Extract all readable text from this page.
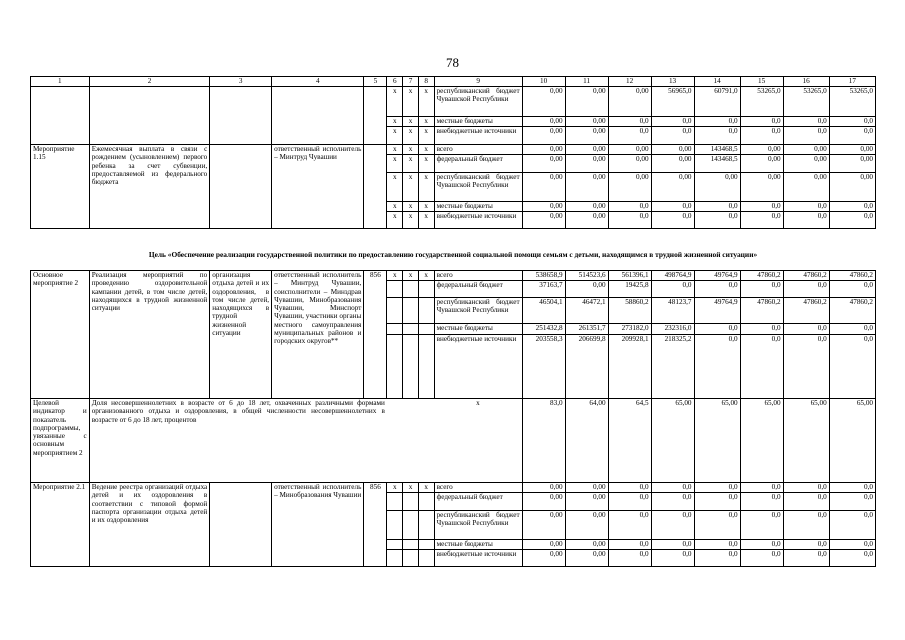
78
1	2	3	4	5	6	7	8	9	10	11	12	13	14	15	16	17
					x	x	x	республиканский бюджет Чувашской Республики	0,00	0,00	0,00	56965,0	60791,0	53265,0	53265,0	53265,0
					x	x	x	местные бюджеты	0,00	0,00	0,0	0,0	0,0	0,0	0,0	0,0
					x	x	x	внебюджетные источники	0,00	0,00	0,0	0,0	0,0	0,0	0,0	0,0
Мероприятие 1.15	Ежемесячная выплата в связи с рождением (усыновлением) первого ребенка за счет субвенции, предоставляемой из федерального бюджета		ответственный исполнитель – Минтруд Чувашии		x	x	x	всего	0,00	0,00	0,00	0,00	143468,5	0,00	0,00	0,00
					x	x	x	федеральный бюджет	0,00	0,00	0,00	0,00	143468,5	0,00	0,00	0,00
					x	x	x	республиканский бюджет Чувашской Республики	0,00	0,00	0,00	0,00	0,00	0,00	0,00	0,00
					x	x	x	местные бюджеты	0,00	0,00	0,0	0,0	0,0	0,0	0,0	0,0
					x	x	x	внебюджетные источники	0,00	0,00	0,0	0,0	0,0	0,0	0,0	0,0
Цель «Обеспечение реализации государственной политики по предоставлению государственной социальной помощи семьям с детьми, находящимся в трудной жизненной ситуации»
Основное мероприятие 2	Реализация мероприятий по проведению оздоровительной кампании детей, в том числе детей, находящихся в трудной жизненной ситуации	организация отдыха детей и их оздоровления, в том числе детей, находящихся в трудной жизненной ситуации	ответственный исполнитель – Минтруд Чувашии, соисполнители – Минздрав Чувашии, Минобразования Чувашии, Минспорт Чувашии, участники органы местного самоуправления муниципальных районов и городских округов**	856	x	x	x	всего	538658,9	514523,6	561396,1	498764,9	49764,9	47860,2	47860,2	47860,2
								федеральный бюджет	37163,7	0,00	19425,8	0,0	0,0	0,0	0,0	0,0
								республиканский бюджет Чувашской Республики	46504,1	46472,1	58860,2	48123,7	49764,9	47860,2	47860,2	47860,2
								местные бюджеты	251432,8	261351,7	273182,0	232316,0	0,0	0,0	0,0	0,0
								внебюджетные источники	203558,3	206699,8	209928,1	218325,2	0,0	0,0	0,0	0,0
Целевой индикатор и показатель подпрограммы, увязанные с основным мероприятием 2	Доля несовершеннолетних в возрасте от 6 до 18 лет, охваченных различными формами организованного отдыха и оздоровления, в общей численности несовершеннолетних в возрасте от 6 до 18 лет, процентов							x	83,0	64,00	64,5	65,00	65,00	65,00	65,00	65,00
Мероприятие 2.1	Ведение реестра организаций отдыха детей и их оздоровления в соответствии с типовой формой паспорта организации отдыха детей и их оздоровления		ответственный исполнитель – Минобразования Чувашии	856	x	x	x	всего	0,00	0,00	0,0	0,0	0,0	0,0	0,0	0,0
								федеральный бюджет	0,00	0,00	0,0	0,0	0,0	0,0	0,0	0,0
								республиканский бюджет Чувашской Республики	0,00	0,00	0,0	0,0	0,0	0,0	0,0	0,0
								местные бюджеты	0,00	0,00	0,0	0,0	0,0	0,0	0,0	0,0
								внебюджетные источники	0,00	0,00	0,0	0,0	0,0	0,0	0,0	0,0
